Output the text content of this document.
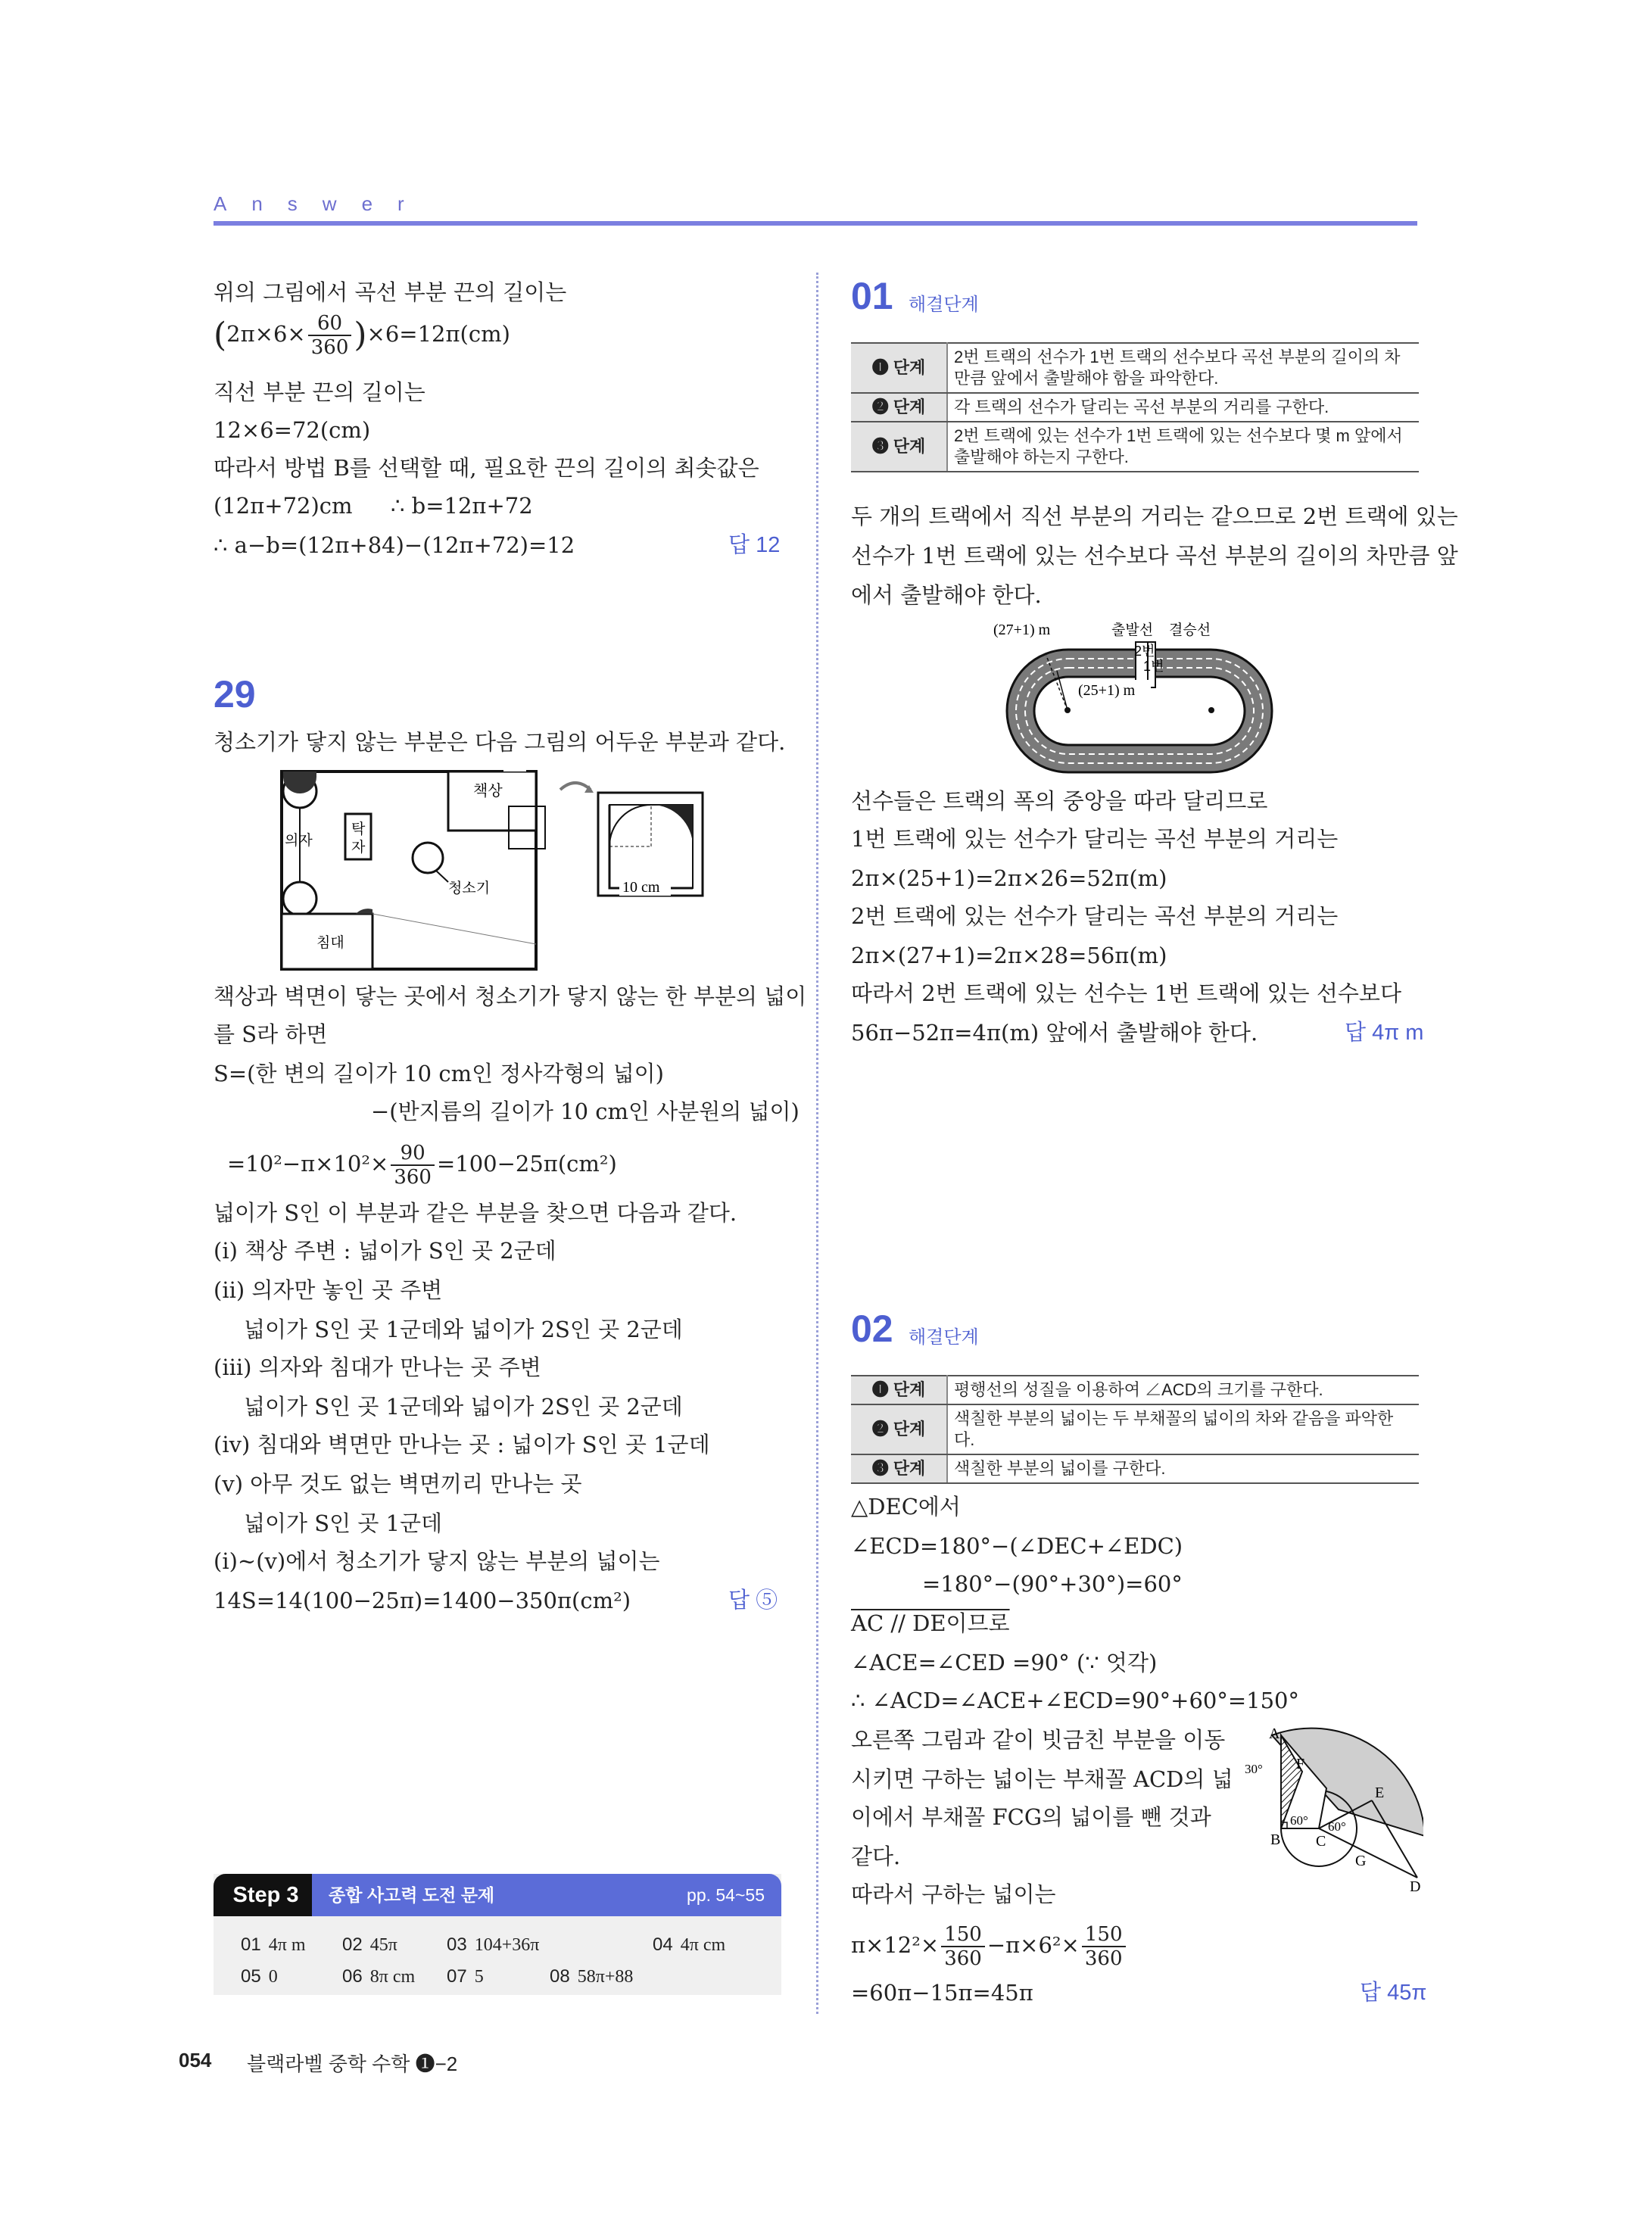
Answer
위의 그림에서 곡선 부분 끈의 길이는
$(2\pi\times 6\times \frac{60}{360} )\times 6=12\pi(cm)$
직선 부분 끈의 길이는
12×6=72(cm)
따라서 방법 B를 선택할 때, 필요한 끈의 길이의 최솟값은
(12π+72)cm ∴ b=12π+72
∴ a−b=(12π+84)−(12π+72)=12	답 12
29
청소기가 닿지 않는 부분은 다음 그림의 어두운 부분과 같다.
책상
의자
탁
자
청소기
침대
10 cm
책상과 벽면이 닿는 곳에서 청소기가 닿지 않는 한 부분의 넓이
를 S라 하면
S=(한 변의 길이가 10 cm인 정사각형의 넓이)
−(반지름의 길이가 10 cm인 사분원의 넓이)
$=10^2-\pi\times 10^2\times \frac{90}{360} =100-25\pi(cm^2)$
넓이가 S인 이 부분과 같은 부분을 찾으면 다음과 같다.
(i) 책상 주변 : 넓이가 S인 곳 2군데
(ii) 의자만 놓인 곳 주변
넓이가 S인 곳 1군데와 넓이가 2S인 곳 2군데
(iii) 의자와 침대가 만나는 곳 주변
넓이가 S인 곳 1군데와 넓이가 2S인 곳 2군데
(iv) 침대와 벽면만 만나는 곳 : 넓이가 S인 곳 1군데
(v) 아무 것도 없는 벽면끼리 만나는 곳
넓이가 S인 곳 1군데
(i)~(v)에서 청소기가 닿지 않는 부분의 넓이는
14S=14(100−25π)=1400−350π(cm²)	답 ⑤
Step 3	종합 사고력 도전 문제	pp. 54~55
01 4π m 02 45π	03 104+36π	04 4π cm
05 0	06 8π cm 07 5	08 58π+88
01 해결단계
❶ 단계	2번 트랙의 선수가 1번 트랙의 선수보다 곡선 부분의 길이의 차만큼 앞에서 출발해야 함을 파악한다.
❷ 단계	각 트랙의 선수가 달리는 곡선 부분의 거리를 구한다.
❸ 단계	2번 트랙에 있는 선수가 1번 트랙에 있는 선수보다 몇 m 앞에서 출발해야 하는지 구한다.
두 개의 트랙에서 직선 부분의 거리는 같으므로 2번 트랙에 있는
선수가 1번 트랙에 있는 선수보다 곡선 부분의 길이의 차만큼 앞
에서 출발해야 한다.
(27+1) m	출발선 결승선
2번
1번
(25+1) m
선수들은 트랙의 폭의 중앙을 따라 달리므로
1번 트랙에 있는 선수가 달리는 곡선 부분의 거리는
2π×(25+1)=2π×26=52π(m)
2번 트랙에 있는 선수가 달리는 곡선 부분의 거리는
2π×(27+1)=2π×28=56π(m)
따라서 2번 트랙에 있는 선수는 1번 트랙에 있는 선수보다
56π−52π=4π(m) 앞에서 출발해야 한다.	답 4π m
02 해결단계
❶ 단계	평행선의 성질을 이용하여 ∠ACD의 크기를 구한다.
❷ 단계	색칠한 부분의 넓이는 두 부채꼴의 넓이의 차와 같음을 파악한다.
❸ 단계	색칠한 부분의 넓이를 구한다.
△DEC에서
∠ECD=180°−(∠DEC+∠EDC)
=180°−(90°+30°)=60°
AC // DE이므로
∠ACE=∠CED =90° (∵ 엇각)
∴ ∠ACD=∠ACE+∠ECD=90°+60°=150°
오른쪽 그림과 같이 빗금친 부분을 이동
시키면 구하는 넓이는 부채꼴 ACD의 넓
이에서 부채꼴 FCG의 넓이를 뺀 것과
같다.
따라서 구하는 넓이는
$\pi\times 12^2\times \frac{150}{360} -\pi\times 6^2\times \frac{150}{360}$
=60π−15π=45π	답 45π
A
F
E
B C
G
D
30°
60° 60°
054 블랙라벨 중학 수학 ❶−2
